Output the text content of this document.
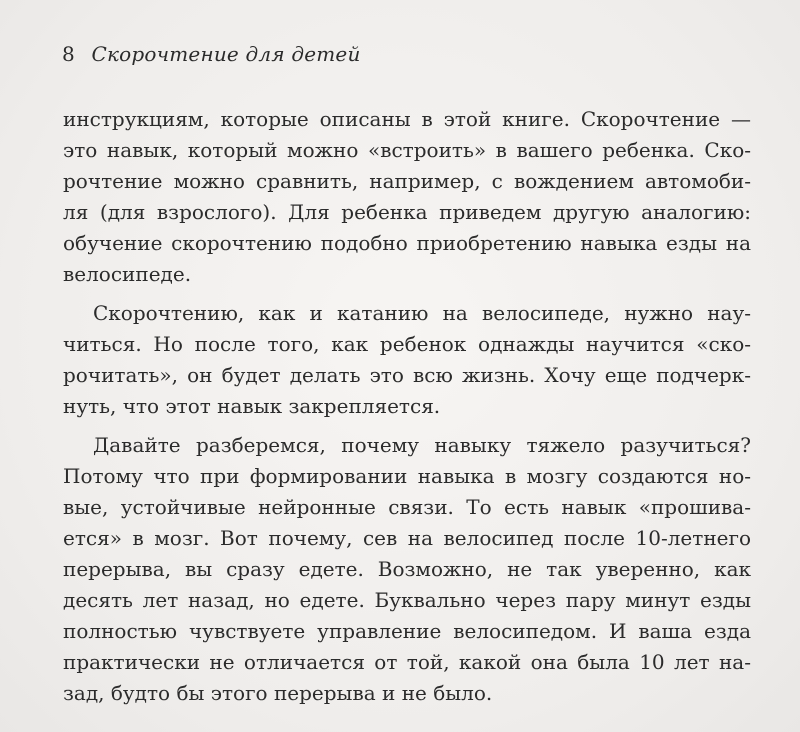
8 Скорочтение для детей
инструкциям, которые описаны в этой книге. Скорочтение —
это навык, который можно «встроить» в вашего ребенка. Ско-
рочтение можно сравнить, например, с вождением автомоби-
ля (для взрослого). Для ребенка приведем другую аналогию:
обучение скорочтению подобно приобретению навыка езды на
велосипеде.
Скорочтению, как и катанию на велосипеде, нужно нау-
читься. Но после того, как ребенок однажды научится «ско-
рочитать», он будет делать это всю жизнь. Хочу еще подчерк-
нуть, что этот навык закрепляется.
Давайте разберемся, почему навыку тяжело разучиться?
Потому что при формировании навыка в мозгу создаются но-
вые, устойчивые нейронные связи. То есть навык «прошива-
ется» в мозг. Вот почему, сев на велосипед после 10-летнего
перерыва, вы сразу едете. Возможно, не так уверенно, как
десять лет назад, но едете. Буквально через пару минут езды
полностью чувствуете управление велосипедом. И ваша езда
практически не отличается от той, какой она была 10 лет на-
зад, будто бы этого перерыва и не было.
